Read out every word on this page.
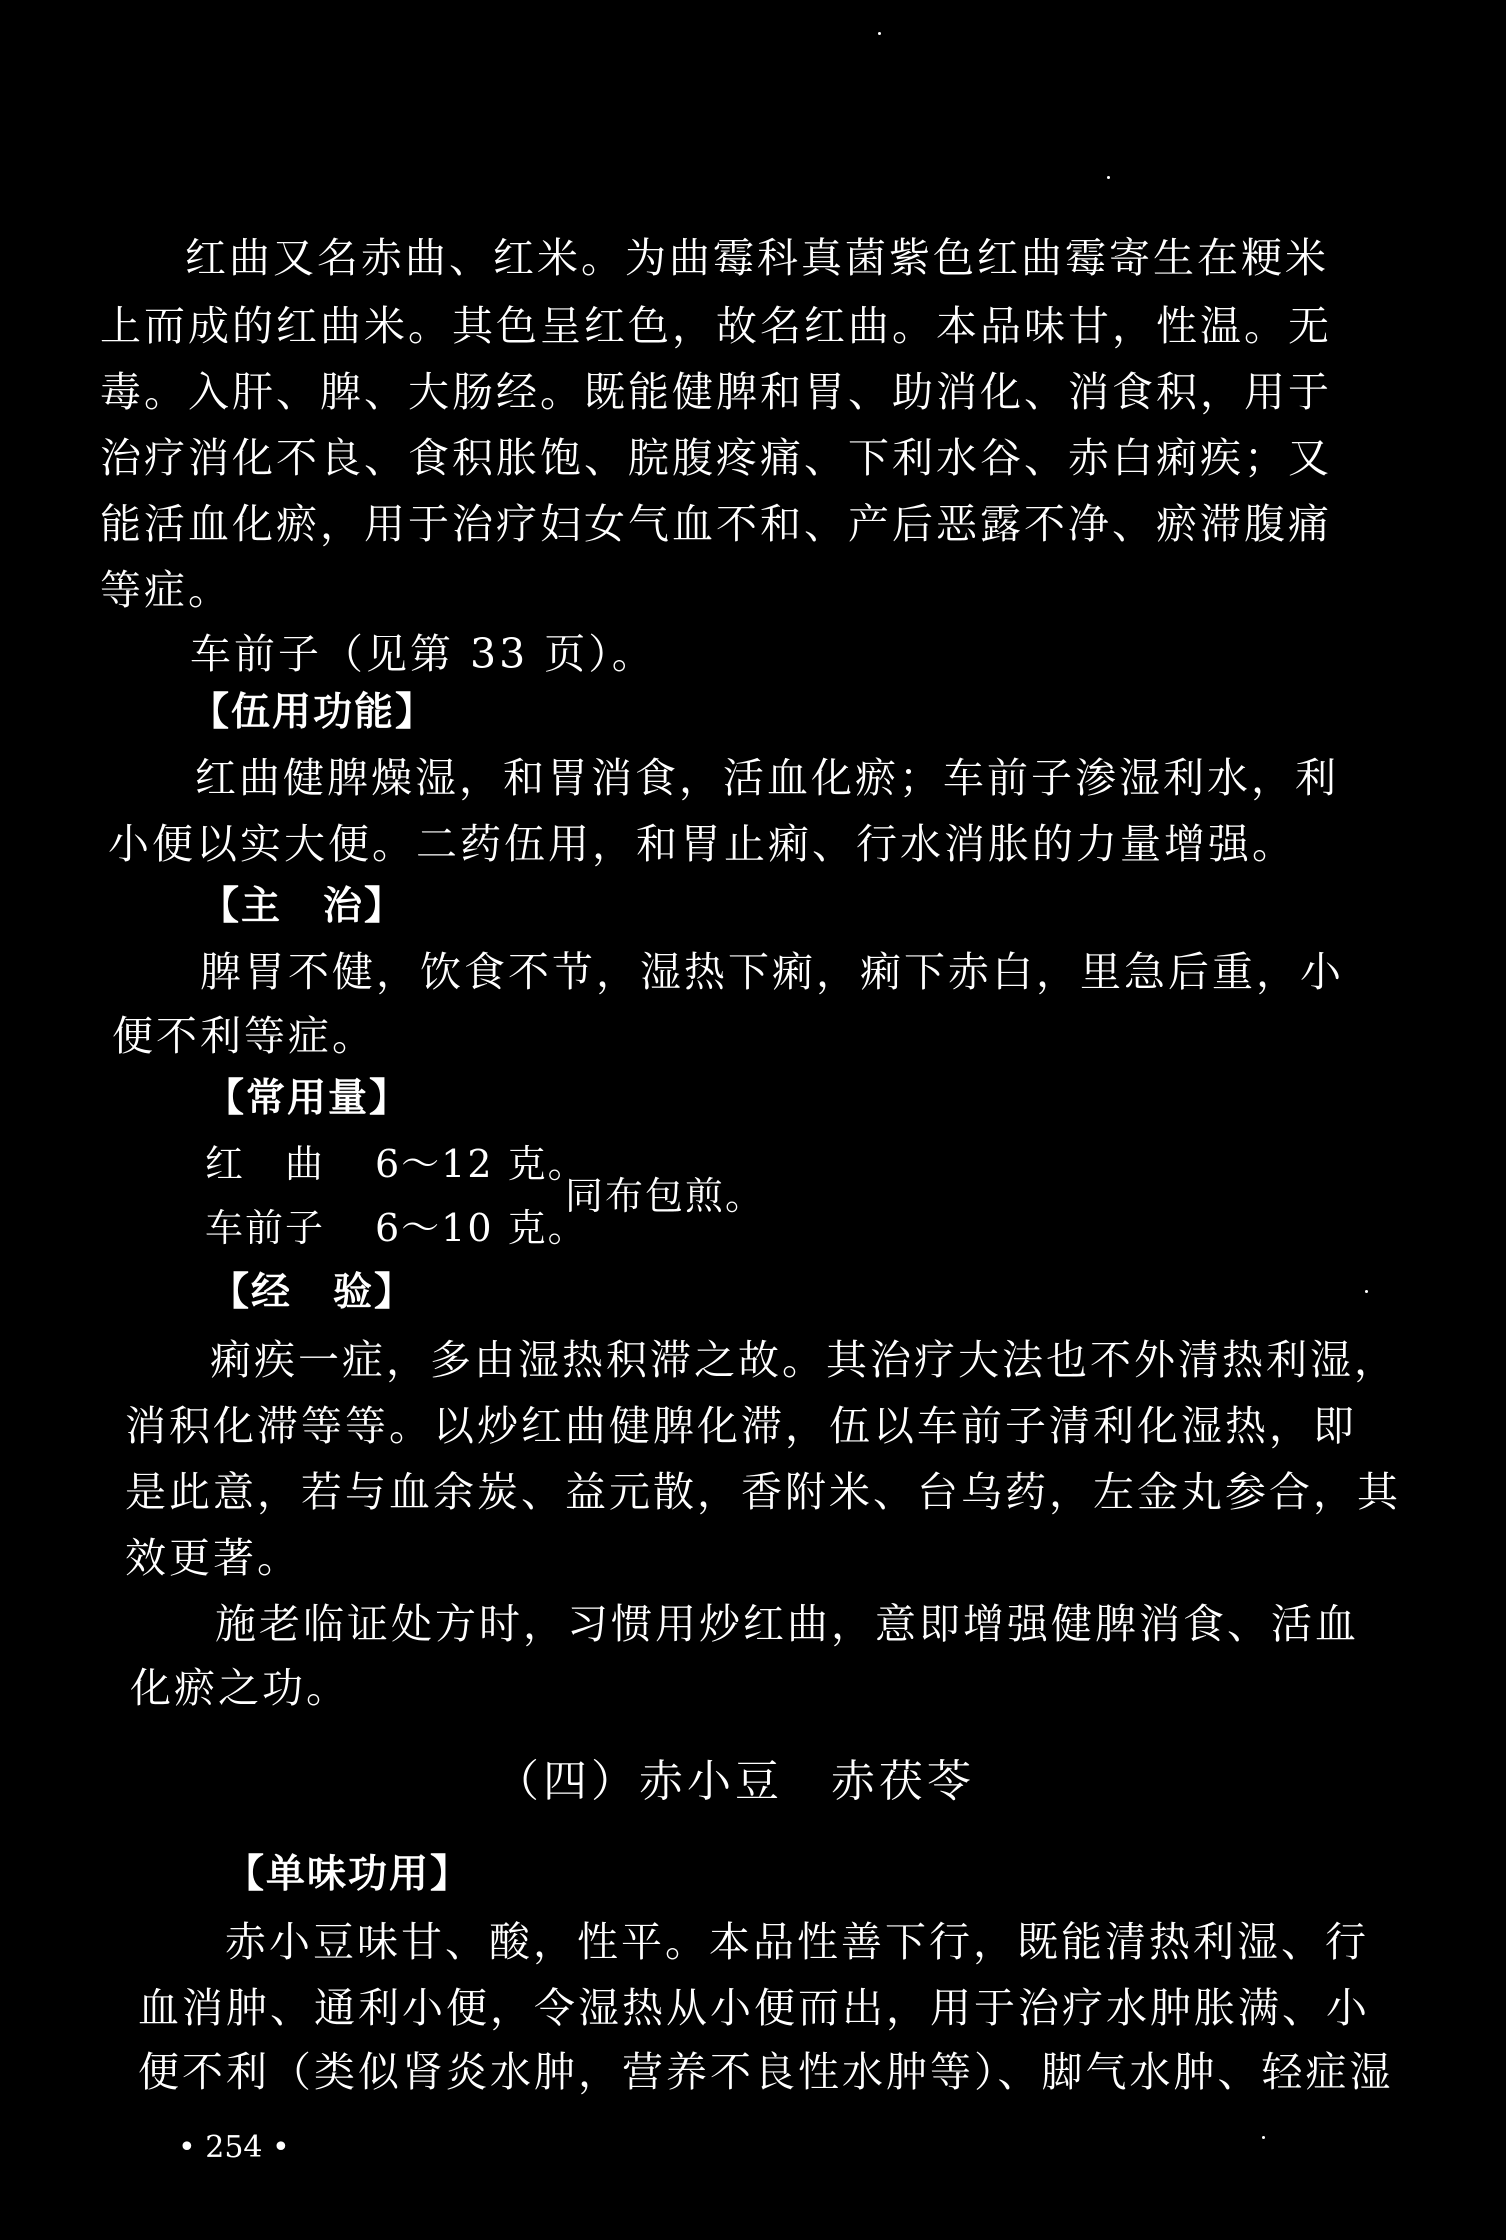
红曲又名赤曲、红米。为曲霉科真菌紫色红曲霉寄生在粳米
上而成的红曲米。其色呈红色，故名红曲。本品味甘，性温。无
毒。入肝、脾、大肠经。既能健脾和胃、助消化、消食积，用于
治疗消化不良、食积胀饱、脘腹疼痛、下利水谷、赤白痢疾；又
能活血化瘀，用于治疗妇女气血不和、产后恶露不净、瘀滞腹痛
等症。
车前子（见第 33 页）。
【伍用功能】
红曲健脾燥湿，和胃消食，活血化瘀；车前子渗湿利水，利
小便以实大便。二药伍用，和胃止痢、行水消胀的力量增强。
【主　治】
脾胃不健，饮食不节，湿热下痢，痢下赤白，里急后重，小
便不利等症。
【常用量】
红　曲 6～12 克。
车前子 6～10 克。
同布包煎。
【经　验】
痢疾一症，多由湿热积滞之故。其治疗大法也不外清热利湿，
消积化滞等等。以炒红曲健脾化滞，伍以车前子清利化湿热，即
是此意，若与血余炭、益元散，香附米、台乌药，左金丸参合，其
效更著。
施老临证处方时，习惯用炒红曲，意即增强健脾消食、活血
化瘀之功。
（四）赤小豆　赤茯苓
【单味功用】
赤小豆味甘、酸，性平。本品性善下行，既能清热利湿、行
血消肿、通利小便，令湿热从小便而出，用于治疗水肿胀满、小
便不利（类似肾炎水肿，营养不良性水肿等）、脚气水肿、轻症湿
• 254 •
